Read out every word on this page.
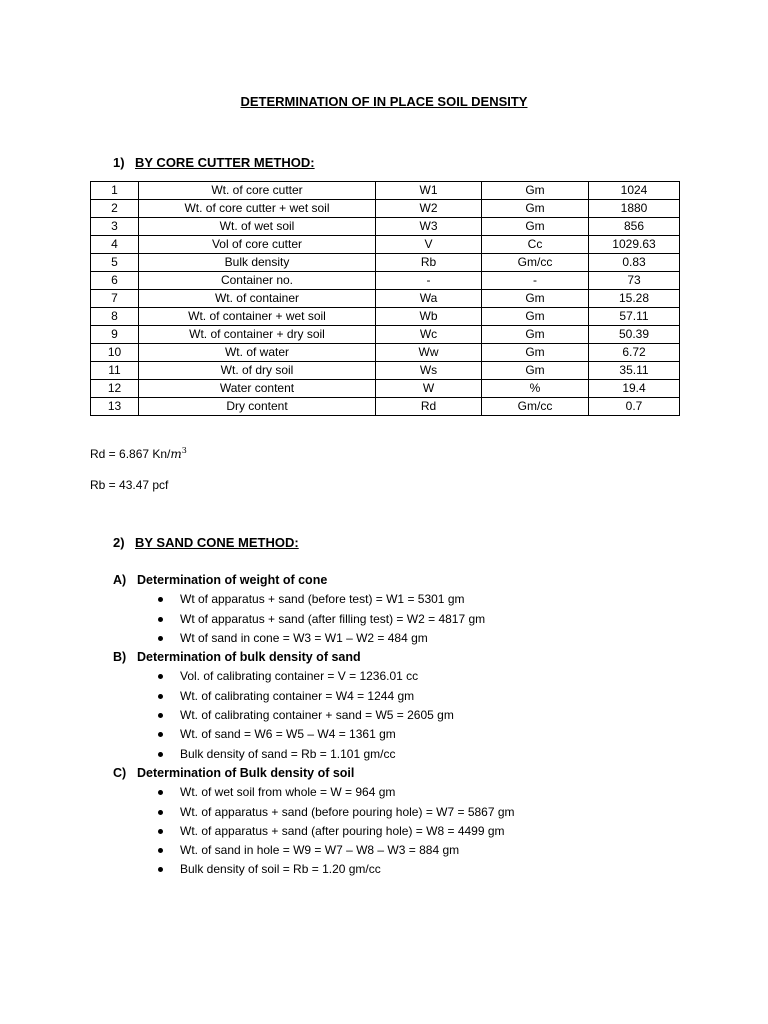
DETERMINATION OF IN PLACE SOIL DENSITY
1) BY CORE CUTTER METHOD:
1	Wt. of core cutter	W1	Gm	1024
2	Wt. of core cutter + wet soil	W2	Gm	1880
3	Wt. of wet soil	W3	Gm	856
4	Vol of core cutter	V	Cc	1029.63
5	Bulk density	Rb	Gm/cc	0.83
6	Container no.	-	-	73
7	Wt. of container	Wa	Gm	15.28
8	Wt. of container + wet soil	Wb	Gm	57.11
9	Wt. of container + dry soil	Wc	Gm	50.39
10	Wt. of water	Ww	Gm	6.72
11	Wt. of dry soil	Ws	Gm	35.11
12	Water content	W	%	19.4
13	Dry content	Rd	Gm/cc	0.7
Rd = 6.867 $Kn/m^3$
Rb = 43.47 pcf
2) BY SAND CONE METHOD:
A) Determination of weight of cone
Wt of apparatus + sand (before test) = W1 = 5301 gm
Wt of apparatus + sand (after filling test) = W2 = 4817 gm
Wt of sand in cone = W3 = W1 – W2 = 484 gm
B) Determination of bulk density of sand
Vol. of calibrating container = V = 1236.01 cc
Wt. of calibrating container = W4 = 1244 gm
Wt. of calibrating container + sand = W5 = 2605 gm
Wt. of sand = W6 = W5 – W4 = 1361 gm
Bulk density of sand = Rb = 1.101 gm/cc
C) Determination of Bulk density of soil
Wt. of wet soil from whole = W = 964 gm
Wt. of apparatus + sand (before pouring hole) = W7 = 5867 gm
Wt. of apparatus + sand (after pouring hole) = W8 = 4499 gm
Wt. of sand in hole = W9 = W7 – W8 – W3 = 884 gm
Bulk density of soil = Rb = 1.20 gm/cc
